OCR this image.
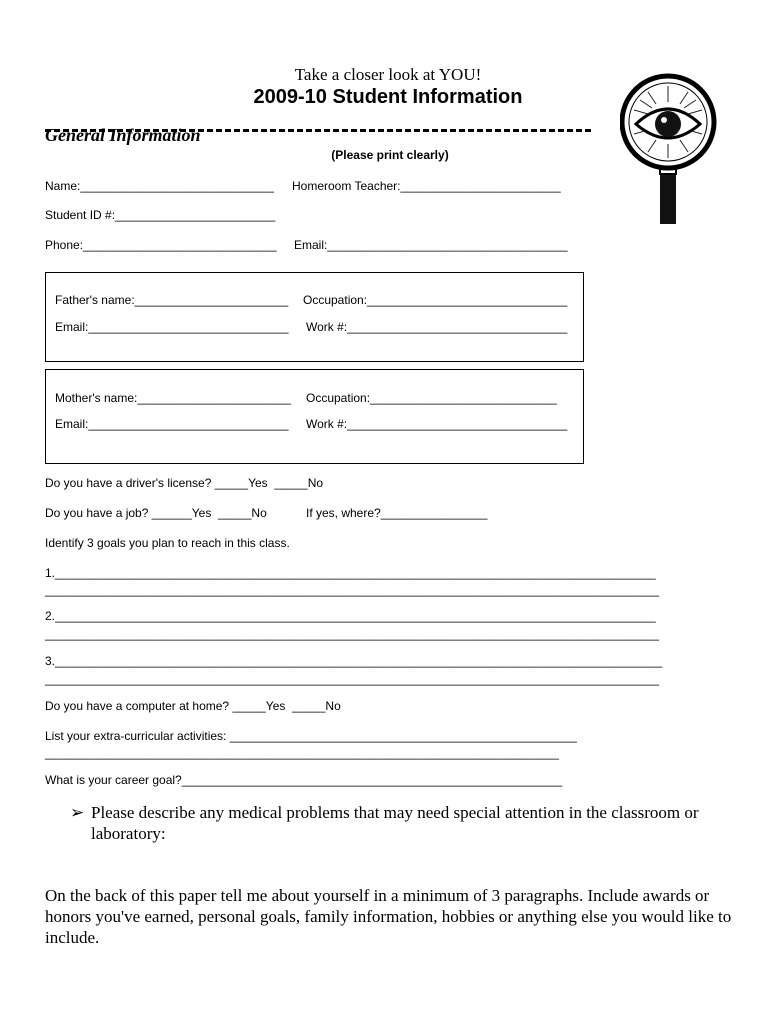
Take a closer look at YOU!
2009-10 Student Information
General Information
(Please print clearly)
Name:_____________________________ Homeroom Teacher:________________________
Student ID #:________________________
Phone:_____________________________ Email:____________________________________
Father's name:_______________________ Occupation:______________________________
Email:______________________________ Work #:_________________________________
Mother's name:_______________________ Occupation:____________________________
Email:______________________________ Work #:_________________________________
Do you have a driver's license? _____Yes  _____No
Do you have a job? ______Yes  _____No	If yes, where?________________
Identify 3 goals you plan to reach in this class.
1.__________________________________________________________________________________________
____________________________________________________________________________________________
2.__________________________________________________________________________________________
____________________________________________________________________________________________
3.___________________________________________________________________________________________
____________________________________________________________________________________________
Do you have a computer at home? _____Yes  _____No
List your extra-curricular activities: ____________________________________________________
_____________________________________________________________________________
What is your career goal?_________________________________________________________
➢ Please describe any medical problems that may need special attention in the classroom or
laboratory:
On the back of this paper tell me about yourself in a minimum of 3 paragraphs. Include awards or honors you've earned, personal goals, family information, hobbies or anything else you would like to include.
